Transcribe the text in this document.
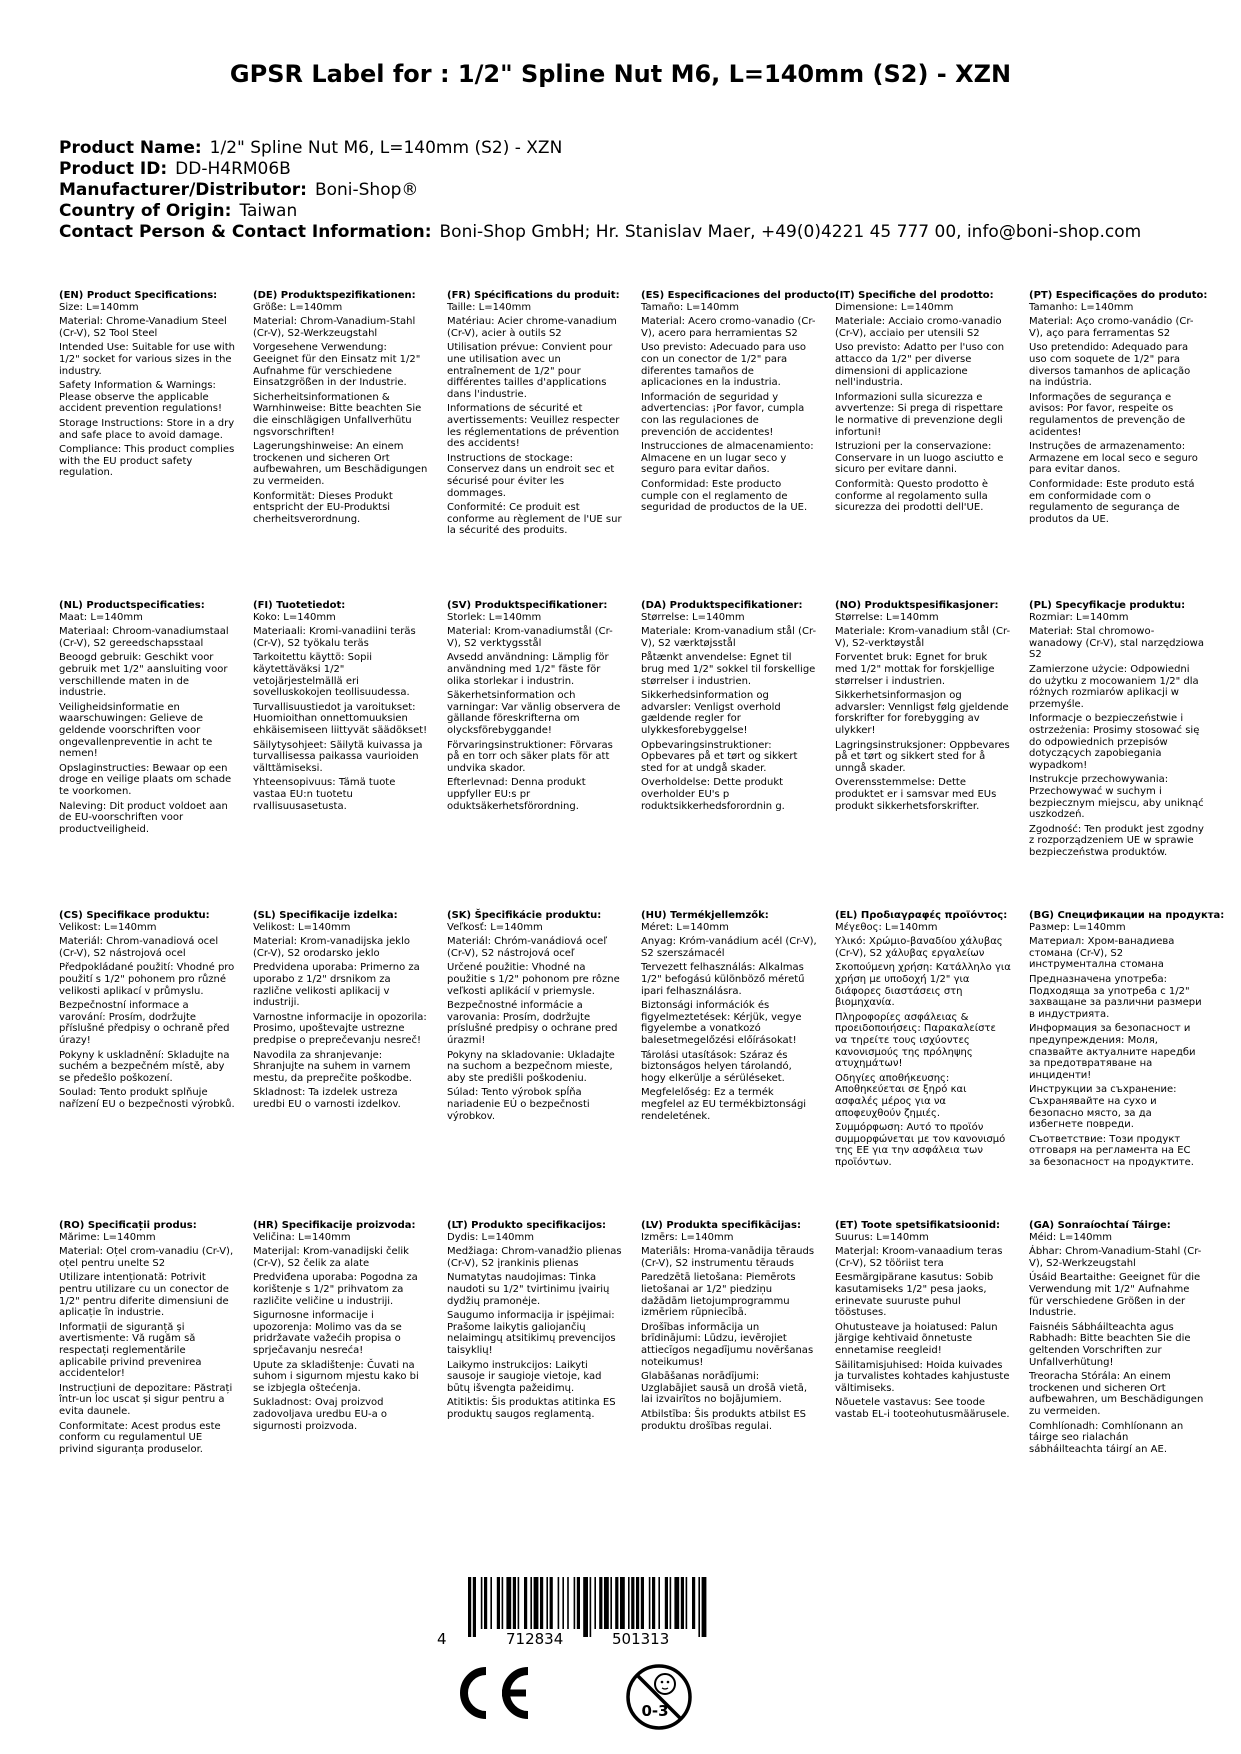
GPSR Label for : 1/2" Spline Nut M6, L=140mm (S2) - XZN
Product Name: 1/2" Spline Nut M6, L=140mm (S2) - XZN
Product ID: DD-H4RM06B
Manufacturer/Distributor: Boni-Shop®
Country of Origin: Taiwan
Contact Person & Contact Information: Boni-Shop GmbH; Hr. Stanislav Maer, +49(0)4221 45 777 00, info@boni-shop.com
(EN) Product Specifications:
Size: L=140mm
Material: Chrome-Vanadium Steel (Cr-V), S2 Tool Steel
Intended Use: Suitable for use with 1/2" socket for various sizes in the industry.
Safety Information & Warnings: Please observe the applicable accident prevention regulations!
Storage Instructions: Store in a dry and safe place to avoid damage.
Compliance: This product complies with the EU product safety regulation.
(DE) Produktspezifikationen:
Größe: L=140mm
Material: Chrom-Vanadium-Stahl (Cr-V), S2-Werkzeugstahl
Vorgesehene Verwendung: Geeignet für den Einsatz mit 1/2" Aufnahme für verschiedene Einsatzgrößen in der Industrie.
Sicherheitsinformationen & Warnhinweise: Bitte beachten Sie die einschlägigen Unfallverhütu ngsvorschriften!
Lagerungshinweise: An einem trockenen und sicheren Ort aufbewahren, um Beschädigungen zu vermeiden.
Konformität: Dieses Produkt entspricht der EU-Produktsi cherheitsverordnung.
(FR) Spécifications du produit:
Taille: L=140mm
Matériau: Acier chrome-vanadium (Cr-V), acier à outils S2
Utilisation prévue: Convient pour une utilisation avec un entraînement de 1/2" pour différentes tailles d'applications dans l'industrie.
Informations de sécurité et avertissements: Veuillez respecter les réglementations de prévention des accidents!
Instructions de stockage: Conservez dans un endroit sec et sécurisé pour éviter les dommages.
Conformité: Ce produit est conforme au règlement de l'UE sur la sécurité des produits.
(ES) Especificaciones del producto:
Tamaño: L=140mm
Material: Acero cromo-vanadio (Cr-V), acero para herramientas S2
Uso previsto: Adecuado para uso con un conector de 1/2" para diferentes tamaños de aplicaciones en la industria.
Información de seguridad y advertencias: ¡Por favor, cumpla con las regulaciones de prevención de accidentes!
Instrucciones de almacenamiento: Almacene en un lugar seco y seguro para evitar daños.
Conformidad: Este producto cumple con el reglamento de seguridad de productos de la UE.
(IT) Specifiche del prodotto:
Dimensione: L=140mm
Materiale: Acciaio cromo-vanadio (Cr-V), acciaio per utensili S2
Uso previsto: Adatto per l'uso con attacco da 1/2" per diverse dimensioni di applicazione nell'industria.
Informazioni sulla sicurezza e avvertenze: Si prega di rispettare le normative di prevenzione degli infortuni!
Istruzioni per la conservazione: Conservare in un luogo asciutto e sicuro per evitare danni.
Conformità: Questo prodotto è conforme al regolamento sulla sicurezza dei prodotti dell'UE.
(PT) Especificações do produto:
Tamanho: L=140mm
Material: Aço cromo-vanádio (Cr-V), aço para ferramentas S2
Uso pretendido: Adequado para uso com soquete de 1/2" para diversos tamanhos de aplicação na indústria.
Informações de segurança e avisos: Por favor, respeite os regulamentos de prevenção de acidentes!
Instruções de armazenamento: Armazene em local seco e seguro para evitar danos.
Conformidade: Este produto está em conformidade com o regulamento de segurança de produtos da UE.
(NL) Productspecificaties:
Maat: L=140mm
Materiaal: Chroom-vanadiumstaal (Cr-V), S2 gereedschapsstaal
Beoogd gebruik: Geschikt voor gebruik met 1/2" aansluiting voor verschillende maten in de industrie.
Veiligheidsinformatie en waarschuwingen: Gelieve de geldende voorschriften voor ongevallenpreventie in acht te nemen!
Opslaginstructies: Bewaar op een droge en veilige plaats om schade te voorkomen.
Naleving: Dit product voldoet aan de EU-voorschriften voor productveiligheid.
(FI) Tuotetiedot:
Koko: L=140mm
Materiaali: Kromi-vanadiini teräs (Cr-V), S2 työkalu teräs
Tarkoitettu käyttö: Sopii käytettäväksi 1/2" vetojärjestelmällä eri sovelluskokojen teollisuudessa.
Turvallisuustiedot ja varoitukset: Huomioithan onnettomuuksien ehkäisemiseen liittyvät säädökset!
Säilytysohjeet: Säilytä kuivassa ja turvallisessa paikassa vaurioiden välttämiseksi.
Yhteensopivuus: Tämä tuote vastaa EU:n tuotetu rvallisuusasetusta.
(SV) Produktspecifikationer:
Storlek: L=140mm
Material: Krom-vanadiumstål (Cr-V), S2 verktygsstål
Avsedd användning: Lämplig för användning med 1/2" fäste för olika storlekar i industrin.
Säkerhetsinformation och varningar: Var vänlig observera de gällande föreskrifterna om olycksförebyggande!
Förvaringsinstruktioner: Förvaras på en torr och säker plats för att undvika skador.
Efterlevnad: Denna produkt uppfyller EU:s pr oduktsäkerhetsförordning.
(DA) Produktspecifikationer:
Størrelse: L=140mm
Materiale: Krom-vanadium stål (Cr-V), S2 værktøjsstål
Påtænkt anvendelse: Egnet til brug med 1/2" sokkel til forskellige størrelser i industrien.
Sikkerhedsinformation og advarsler: Venligst overhold gældende regler for ulykkesforebyggelse!
Opbevaringsinstruktioner: Opbevares på et tørt og sikkert sted for at undgå skader.
Overholdelse: Dette produkt overholder EU's p roduktsikkerhedsforordnin g.
(NO) Produktspesifikasjoner:
Størrelse: L=140mm
Materiale: Krom-vanadium stål (Cr-V), S2-verktøystål
Forventet bruk: Egnet for bruk med 1/2" mottak for forskjellige størrelser i industrien.
Sikkerhetsinformasjon og advarsler: Vennligst følg gjeldende forskrifter for forebygging av ulykker!
Lagringsinstruksjoner: Oppbevares på et tørt og sikkert sted for å unngå skader.
Overensstemmelse: Dette produktet er i samsvar med EUs produkt sikkerhetsforskrifter.
(PL) Specyfikacje produktu:
Rozmiar: L=140mm
Materiał: Stal chromowo-wanadowy (Cr-V), stal narzędziowa S2
Zamierzone użycie: Odpowiedni do użytku z mocowaniem 1/2" dla różnych rozmiarów aplikacji w przemyśle.
Informacje o bezpieczeństwie i ostrzeżenia: Prosimy stosować się do odpowiednich przepisów dotyczących zapobiegania wypadkom!
Instrukcje przechowywania: Przechowywać w suchym i bezpiecznym miejscu, aby uniknąć uszkodzeń.
Zgodność: Ten produkt jest zgodny z rozporządzeniem UE w sprawie bezpieczeństwa produktów.
(CS) Specifikace produktu:
Velikost: L=140mm
Materiál: Chrom-vanadiová ocel (Cr-V), S2 nástrojová ocel
Předpokládané použití: Vhodné pro použití s 1/2" pohonem pro různé velikosti aplikací v průmyslu.
Bezpečnostní informace a varování: Prosím, dodržujte příslušné předpisy o ochraně před úrazy!
Pokyny k uskladnění: Skladujte na suchém a bezpečném místě, aby se předešlo poškození.
Soulad: Tento produkt splňuje nařízení EU o bezpečnosti výrobků.
(SL) Specifikacije izdelka:
Velikost: L=140mm
Material: Krom-vanadijska jeklo (Cr-V), S2 orodarsko jeklo
Predvidena uporaba: Primerno za uporabo z 1/2" drsnikom za različne velikosti aplikacij v industriji.
Varnostne informacije in opozorila: Prosimo, upoštevajte ustrezne predpise o preprečevanju nesreč!
Navodila za shranjevanje: Shranjujte na suhem in varnem mestu, da preprečite poškodbe.
Skladnost: Ta izdelek ustreza uredbi EU o varnosti izdelkov.
(SK) Špecifikácie produktu:
Veľkosť: L=140mm
Materiál: Chróm-vanádiová oceľ (Cr-V), S2 nástrojová oceľ
Určené použitie: Vhodné na použitie s 1/2" pohonom pre rôzne veľkosti aplikácií v priemysle.
Bezpečnostné informácie a varovania: Prosím, dodržujte príslušné predpisy o ochrane pred úrazmi!
Pokyny na skladovanie: Ukladajte na suchom a bezpečnom mieste, aby ste predišli poškodeniu.
Súlad: Tento výrobok spĺňa nariadenie EÚ o bezpečnosti výrobkov.
(HU) Termékjellemzők:
Méret: L=140mm
Anyag: Króm-vanádium acél (Cr-V), S2 szerszámacél
Tervezett felhasználás: Alkalmas 1/2" befogású különböző méretű ipari felhasználásra.
Biztonsági információk és figyelmeztetések: Kérjük, vegye figyelembe a vonatkozó balesetmegelőzési előírásokat!
Tárolási utasítások: Száraz és biztonságos helyen tárolandó, hogy elkerülje a sérüléseket.
Megfelelőség: Ez a termék megfelel az EU termékbiztonsági rendeletének.
(EL) Προδιαγραφές προϊόντος:
Μέγεθος: L=140mm
Υλικό: Χρώμιο-βαναδίου χάλυβας (Cr-V), S2 χάλυβας εργαλείων
Σκοπούμενη χρήση: Κατάλληλο για χρήση με υποδοχή 1/2" για διάφορες διαστάσεις στη βιομηχανία.
Πληροφορίες ασφάλειας & προειδοποιήσεις: Παρακαλείστε να τηρείτε τους ισχύοντες κανονισμούς της πρόληψης ατυχημάτων!
Οδηγίες αποθήκευσης: Αποθηκεύεται σε ξηρό και ασφαλές μέρος για να αποφευχθούν ζημιές.
Συμμόρφωση: Αυτό το προϊόν συμμορφώνεται με τον κανονισμό της ΕΕ για την ασφάλεια των προϊόντων.
(BG) Спецификации на продукта:
Размер: L=140mm
Материал: Хром-ванадиева стомана (Cr-V), S2 инструментална стомана
Предназначена употреба: Подходяща за употреба с 1/2" захващане за различни размери в индустрията.
Информация за безопасност и предупреждения: Моля, спазвайте актуалните наредби за предотвратяване на инциденти!
Инструкции за съхранение: Съхранявайте на сухо и безопасно място, за да избегнете повреди.
Съответствие: Този продукт отговаря на регламента на ЕС за безопасност на продуктите.
(RO) Specificații produs:
Mărime: L=140mm
Material: Oțel crom-vanadiu (Cr-V), oțel pentru unelte S2
Utilizare intenționată: Potrivit pentru utilizare cu un conector de 1/2" pentru diferite dimensiuni de aplicație în industrie.
Informații de siguranță și avertismente: Vă rugăm să respectați reglementările aplicabile privind prevenirea accidentelor!
Instrucțiuni de depozitare: Păstrați într-un loc uscat și sigur pentru a evita daunele.
Conformitate: Acest produs este conform cu regulamentul UE privind siguranța produselor.
(HR) Specifikacije proizvoda:
Veličina: L=140mm
Materijal: Krom-vanadijski čelik (Cr-V), S2 čelik za alate
Predviđena uporaba: Pogodna za korištenje s 1/2" prihvatom za različite veličine u industriji.
Sigurnosne informacije i upozorenja: Molimo vas da se pridržavate važećih propisa o sprječavanju nesreća!
Upute za skladištenje: Čuvati na suhom i sigurnom mjestu kako bi se izbjegla oštećenja.
Sukladnost: Ovaj proizvod zadovoljava uredbu EU-a o sigurnosti proizvoda.
(LT) Produkto specifikacijos:
Dydis: L=140mm
Medžiaga: Chrom-vanadžio plienas (Cr-V), S2 įrankinis plienas
Numatytas naudojimas: Tinka naudoti su 1/2" tvirtinimu įvairių dydžių pramonėje.
Saugumo informacija ir įspėjimai: Prašome laikytis galiojančių nelaimingų atsitikimų prevencijos taisyklių!
Laikymo instrukcijos: Laikyti sausoje ir saugioje vietoje, kad būtų išvengta pažeidimų.
Atitiktis: Šis produktas atitinka ES produktų saugos reglamentą.
(LV) Produkta specifikācijas:
Izmērs: L=140mm
Materiāls: Hroma-vanādija tērauds (Cr-V), S2 instrumentu tērauds
Paredzētā lietošana: Piemērots lietošanai ar 1/2" piedziņu dažādām lietojumprogrammu izmēriem rūpniecībā.
Drošības informācija un brīdinājumi: Lūdzu, ievērojiet attiecīgos negadījumu novēršanas noteikumus!
Glabāšanas norādījumi: Uzglabājiet sausā un drošā vietā, lai izvairītos no bojājumiem.
Atbilstība: Šis produkts atbilst ES produktu drošības regulai.
(ET) Toote spetsifikatsioonid:
Suurus: L=140mm
Materjal: Kroom-vanaadium teras (Cr-V), S2 tööriist tera
Eesmärgipärane kasutus: Sobib kasutamiseks 1/2" pesa jaoks, erinevate suuruste puhul tööstuses.
Ohutusteave ja hoiatused: Palun järgige kehtivaid õnnetuste ennetamise reegleid!
Säilitamisjuhised: Hoida kuivades ja turvalistes kohtades kahjustuste vältimiseks.
Nõuetele vastavus: See toode vastab EL-i tooteohutusmäärusele.
(GA) Sonraíochtaí Táirge:
Méid: L=140mm
Ábhar: Chrom-Vanadium-Stahl (Cr-V), S2-Werkzeugstahl
Úsáid Beartaithe: Geeignet für die Verwendung mit 1/2" Aufnahme für verschiedene Größen in der Industrie.
Faisnéis Sábháilteachta agus Rabhadh: Bitte beachten Sie die geltenden Vorschriften zur Unfallverhütung!
Treoracha Stórála: An einem trockenen und sicheren Ort aufbewahren, um Beschädigungen zu vermeiden.
Comhlíonadh: Comhlíonann an táirge seo rialachán sábháilteachta táirgí an AE.
4	712834	501313
0-3
